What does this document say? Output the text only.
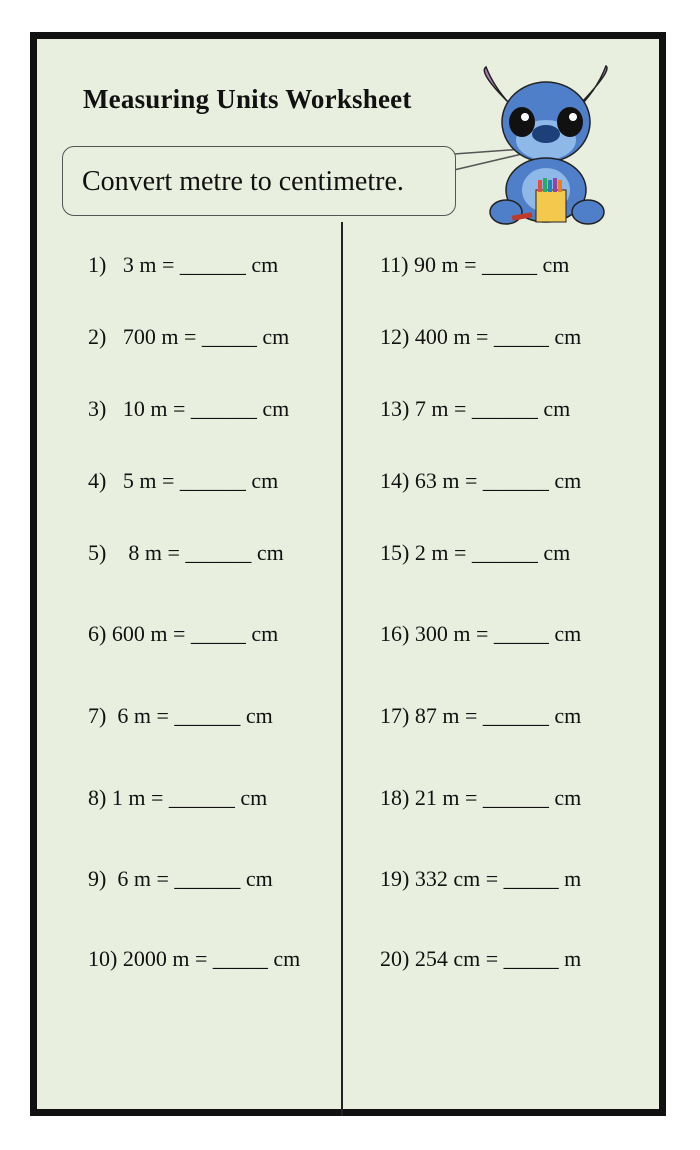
Measuring Units Worksheet
Convert metre to centimetre.
1)   3 m = ______ cm
2)   700 m = _____ cm
3)   10 m = ______ cm
4)   5 m = ______ cm
5)    8 m = ______ cm
6) 600 m = _____ cm
7)  6 m = ______ cm
8) 1 m = ______ cm
9)  6 m = ______ cm
10) 2000 m = _____ cm
11) 90 m = _____ cm
12) 400 m = _____ cm
13) 7 m = ______ cm
14) 63 m = ______ cm
15) 2 m = ______ cm
16) 300 m = _____ cm
17) 87 m = ______ cm
18) 21 m = ______ cm
19) 332 cm = _____ m
20) 254 cm = _____ m
